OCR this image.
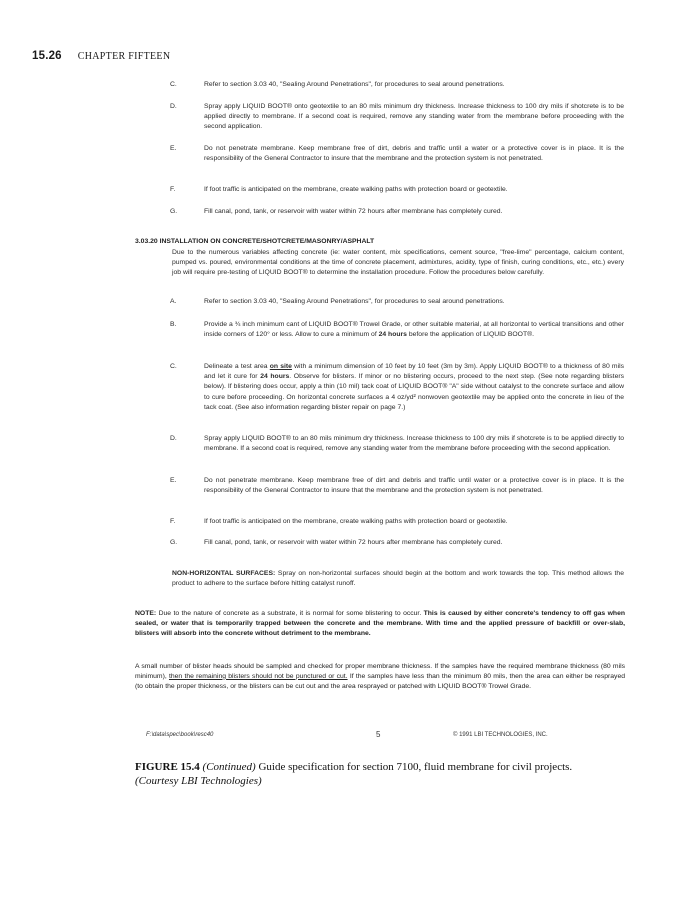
15.26 CHAPTER FIFTEEN
C.	Refer to section 3.03 40, "Sealing Around Penetrations", for procedures to seal around penetrations.
D.	Spray apply LIQUID BOOT® onto geotextile to an 80 mils minimum dry thickness. Increase thickness to 100 dry mils if shotcrete is to be applied directly to membrane. If a second coat is required, remove any standing water from the membrane before proceeding with the second application.
E.	Do not penetrate membrane. Keep membrane free of dirt, debris and traffic until a water or a protective cover is in place. It is the responsibility of the General Contractor to insure that the membrane and the protection system is not penetrated.
F.	If foot traffic is anticipated on the membrane, create walking paths with protection board or geotextile.
G.	Fill canal, pond, tank, or reservoir with water within 72 hours after membrane has completely cured.
3.03.20 INSTALLATION ON CONCRETE/SHOTCRETE/MASONRY/ASPHALT
Due to the numerous variables affecting concrete (ie: water content, mix specifications, cement source, "free-lime" percentage, calcium content, pumped vs. poured, environmental conditions at the time of concrete placement, admixtures, acidity, type of finish, curing conditions, etc., etc.) every job will require pre-testing of LIQUID BOOT® to determine the installation procedure. Follow the procedures below carefully.
A.	Refer to section 3.03 40, "Sealing Around Penetrations", for procedures to seal around penetrations.
B.	Provide a ¾ inch minimum cant of LIQUID BOOT® Trowel Grade, or other suitable material, at all horizontal to vertical transitions and other inside corners of 120° or less. Allow to cure a minimum of 24 hours before the application of LIQUID BOOT®.
C.	Delineate a test area on site with a minimum dimension of 10 feet by 10 feet (3m by 3m). Apply LIQUID BOOT® to a thickness of 80 mils and let it cure for 24 hours. Observe for blisters. If minor or no blistering occurs, proceed to the next step. (See note regarding blisters below). If blistering does occur, apply a thin (10 mil) tack coat of LIQUID BOOT® "A" side without catalyst to the concrete surface and allow to cure before proceeding. On horizontal concrete surfaces a 4 oz/yd² nonwoven geotextile may be applied onto the concrete in lieu of the tack coat. (See also information regarding blister repair on page 7.)
D.	Spray apply LIQUID BOOT® to an 80 mils minimum dry thickness. Increase thickness to 100 dry mils if shotcrete is to be applied directly to membrane. If a second coat is required, remove any standing water from the membrane before proceeding with the second application.
E.	Do not penetrate membrane. Keep membrane free of dirt and debris and traffic until water or a protective cover is in place. It is the responsibility of the General Contractor to insure that the membrane and the protection system is not penetrated.
F.	If foot traffic is anticipated on the membrane, create walking paths with protection board or geotextile.
G.	Fill canal, pond, tank, or reservoir with water within 72 hours after membrane has completely cured.
NON-HORIZONTAL SURFACES: Spray on non-horizontal surfaces should begin at the bottom and work towards the top. This method allows the product to adhere to the surface before hitting catalyst runoff.
NOTE: Due to the nature of concrete as a substrate, it is normal for some blistering to occur. This is caused by either concrete's tendency to off gas when sealed, or water that is temporarily trapped between the concrete and the membrane. With time and the applied pressure of backfill or over-slab, blisters will absorb into the concrete without detriment to the membrane.
A small number of blister heads should be sampled and checked for proper membrane thickness. If the samples have the required membrane thickness (80 mils minimum), then the remaining blisters should not be punctured or cut. If the samples have less than the minimum 80 mils, then the area can either be resprayed (to obtain the proper thickness, or the blisters can be cut out and the area resprayed or patched with LIQUID BOOT® Trowel Grade.
F:\data\spec\book\resc40	5	© 1991 LBI TECHNOLOGIES, INC.
FIGURE 15.4 (Continued) Guide specification for section 7100, fluid membrane for civil projects.
(Courtesy LBI Technologies)
